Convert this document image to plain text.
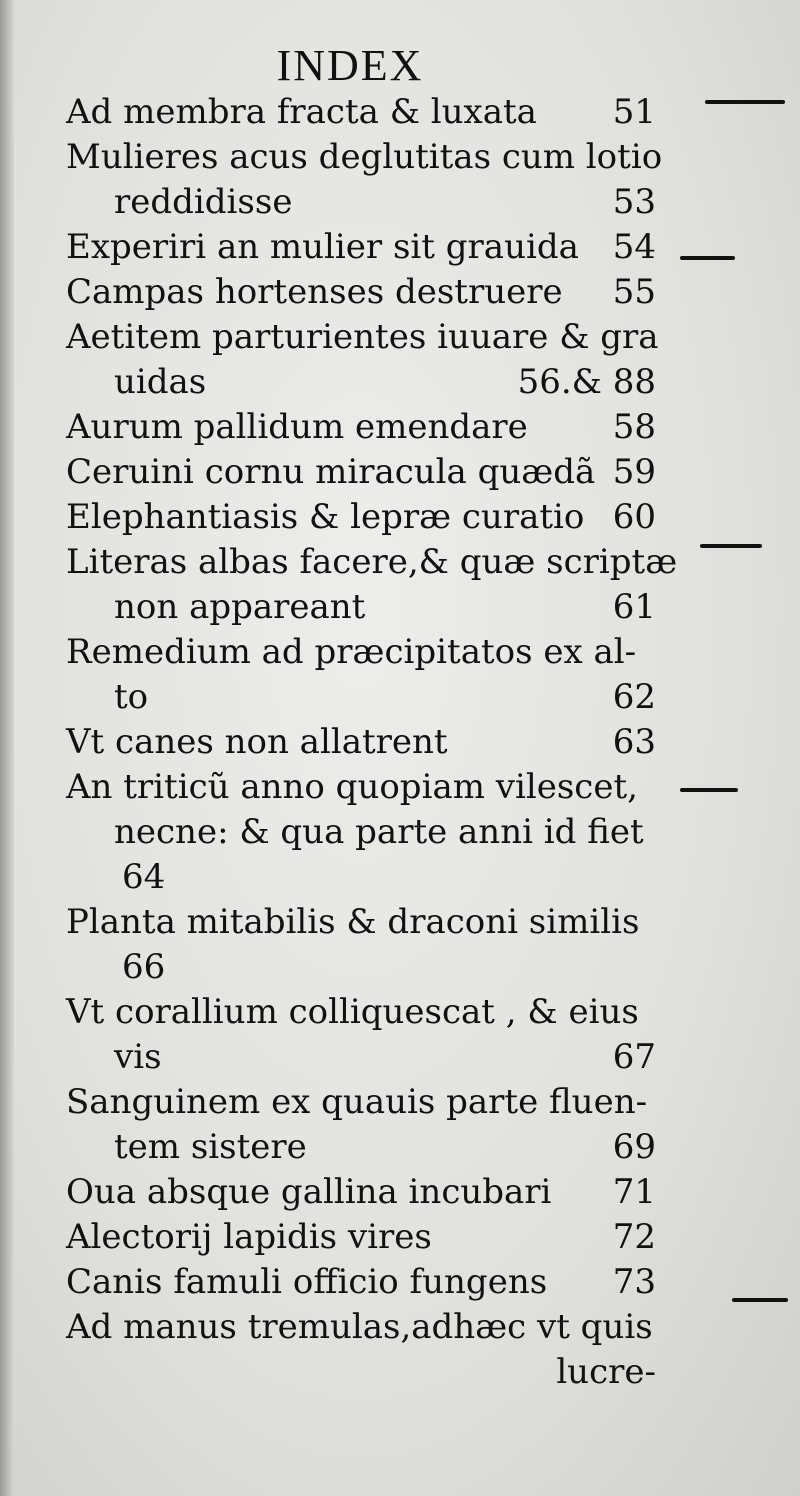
INDEX
Ad membra fracta & luxata 51
Mulieres acus deglutitas cum lotio
reddidisse	53
Experiri an mulier sit grauida 54
Campas hortenses destruere 55
Aetitem parturientes iuuare & gra
uidas	56.& 88
Aurum pallidum emendare 58
Ceruini cornu miracula quædã 59
Elephantiasis & lepræ curatio 60
Literas albas facere,& quæ scriptæ
non appareant	61
Remedium ad præcipitatos ex al-
to	62
Vt canes non allatrent	63
An triticũ anno quopiam vilescet,
necne: & qua parte anni id fiet
64
Planta mitabilis & draconi similis
66
Vt corallium colliquescat , & eius
vis	67
Sanguinem ex quauis parte fluen-
tem sistere	69
Oua absque gallina incubari 71
Alectorij lapidis vires	72
Canis famuli officio fungens 73
Ad manus tremulas,adhæc vt quis
lucre-
